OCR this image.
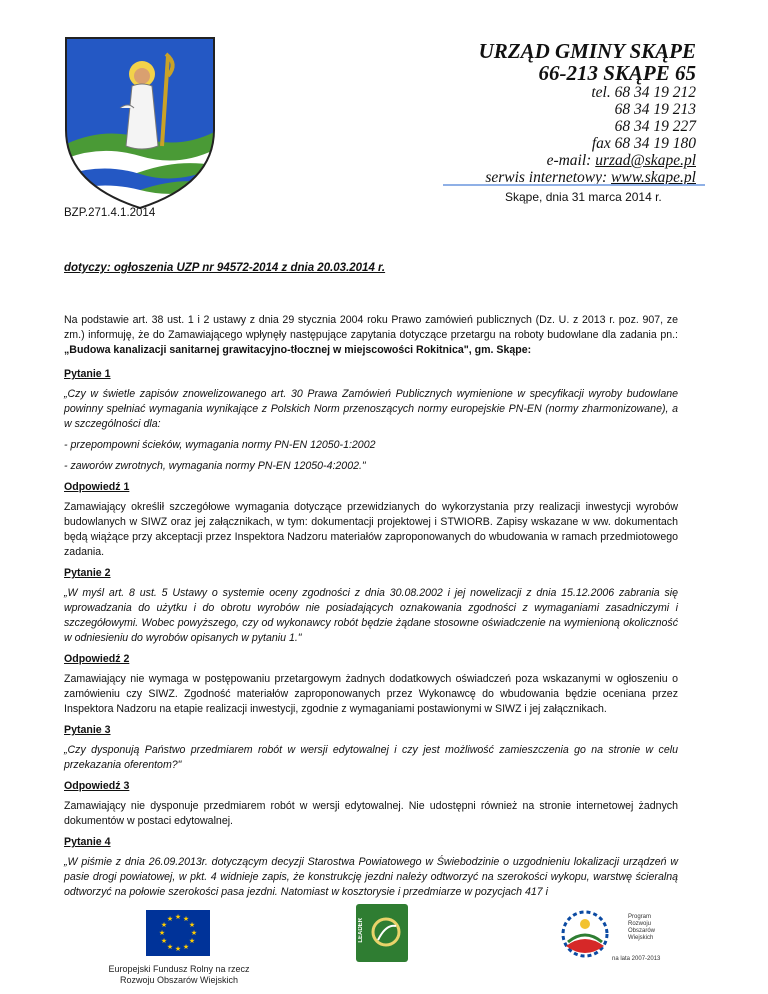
URZĄD GMINY SKĄPE
66-213 SKĄPE 65
tel. 68 34 19 212
68 34 19 213
68 34 19 227
fax 68 34 19 180
e-mail: urzad@skape.pl
serwis internetowy: www.skape.pl
Skąpe, dnia 31 marca 2014 r.
BZP.271.4.1.2014
dotyczy: ogłoszenia UZP nr 94572-2014 z dnia 20.03.2014 r.

Na podstawie art. 38 ust. 1 i 2 ustawy z dnia 29 stycznia 2004 roku Prawo zamówień publicznych (Dz. U. z 2013 r. poz. 907, ze zm.) informuję, że do Zamawiającego wpłynęły następujące zapytania dotyczące przetargu na roboty budowlane dla zadania pn.: „Budowa kanalizacji sanitarnej grawitacyjno-tłocznej w miejscowości Rokitnica", gm. Skąpe:

Pytanie 1

„Czy w świetle zapisów znowelizowanego art. 30 Prawa Zamówień Publicznych wymienione w specyfikacji wyroby budowlane powinny spełniać wymagania wynikające z Polskich Norm przenoszących normy europejskie PN-EN (normy zharmonizowane), a w szczególności dla:

- przepompowni ścieków, wymagania normy PN-EN 12050-1:2002

- zaworów zwrotnych, wymagania normy PN-EN 12050-4:2002."

Odpowiedź 1

Zamawiający określił szczegółowe wymagania dotyczące przewidzianych do wykorzystania przy realizacji inwestycji wyrobów budowlanych w SIWZ oraz jej załącznikach, w tym: dokumentacji projektowej i STWIORB. Zapisy wskazane w ww. dokumentach będą wiążące przy akceptacji przez Inspektora Nadzoru materiałów zaproponowanych do wbudowania w ramach przedmiotowego zadania.

Pytanie 2

„W myśl art. 8 ust. 5 Ustawy o systemie oceny zgodności z dnia 30.08.2002 i jej nowelizacji z dnia 15.12.2006 zabrania się wprowadzania do użytku i do obrotu wyrobów nie posiadających oznakowania zgodności z wymaganiami zasadniczymi i szczegółowymi. Wobec powyższego, czy od wykonawcy robót będzie żądane stosowne oświadczenie na wymienioną okoliczność w odniesieniu do wyrobów opisanych w pytaniu 1."

Odpowiedź 2

Zamawiający nie wymaga w postępowaniu przetargowym żadnych dodatkowych oświadczeń poza wskazanymi w ogłoszeniu o zamówieniu czy SIWZ. Zgodność materiałów zaproponowanych przez Wykonawcę do wbudowania będzie oceniana przez Inspektora Nadzoru na etapie realizacji inwestycji, zgodnie z wymaganiami postawionymi w SIWZ i jej załącznikach.

Pytanie 3

„Czy dysponują Państwo przedmiarem robót w wersji edytowalnej i czy jest możliwość zamieszczenia go na stronie w celu przekazania oferentom?"

Odpowiedź 3

Zamawiający nie dysponuje przedmiarem robót w wersji edytowalnej. Nie udostępni również na stronie internetowej żadnych dokumentów w postaci edytowalnej.

Pytanie 4

„W piśmie z dnia 26.09.2013r. dotyczącym decyzji Starostwa Powiatowego w Świebodzinie o uzgodnieniu lokalizacji urządzeń w pasie drogi powiatowej, w pkt. 4 widnieje zapis, że konstrukcję jezdni należy odtworzyć na szerokości wykopu, warstwę ścieralną odtworzyć na połowie szerokości pasa jezdni. Natomiast w kosztorysie i przedmiarze w pozycjach 417 i

★ ★
★
★
★
★
★
★
★
★
★
★
Europejski Fundusz Rolny na rzecz
Rozwoju Obszarów Wiejskich
LEADER
Program
Rozwoju
Obszarów
Wiejskich
na lata 2007-2013
